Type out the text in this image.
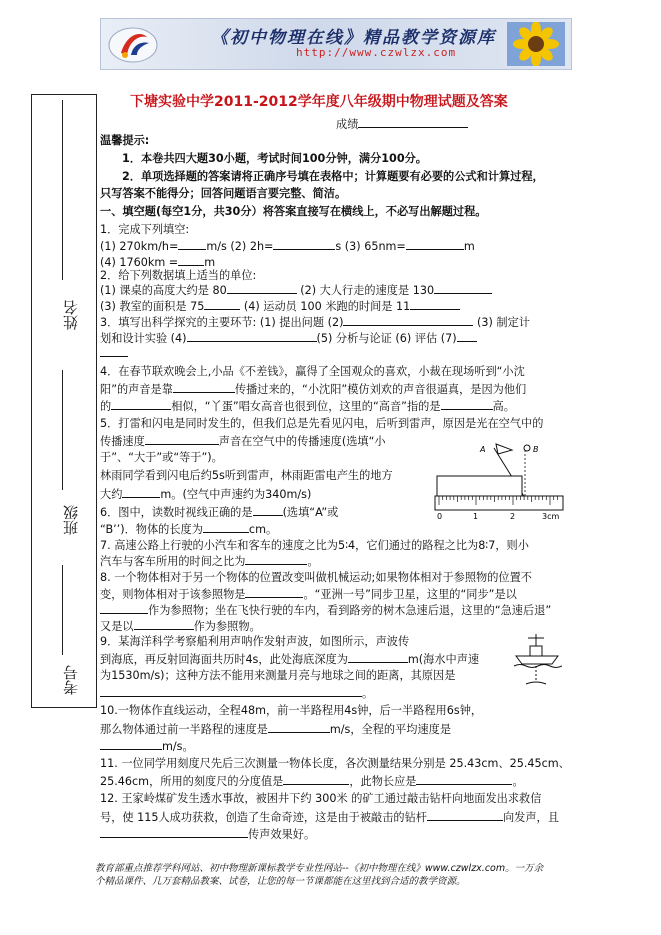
《初中物理在线》精品教学资源库
http://www.czwlzx.com
姓名
班级
考号
下塘实验中学2011-2012学年度八年级期中物理试题及答案
成绩
温馨提示:
1．本卷共四大题30小题，考试时间100分钟，满分100分。
2．单项选择题的答案请将正确序号填在表格中；计算题要有必要的公式和计算过程，
只写答案不能得分；回答问题语言要完整、简洁。
一、填空题(每空1分，共30分）将答案直接写在横线上，不必写出解题过程。
1．完成下列填空:
(1) 270km/h=	m/s (2) 2h=	s (3) 65nm=	m
(4) 1760km = m
2．给下列数据填上适当的单位:
(1) 课桌的高度大约是 80	(2) 大人行走的速度是 130
(3) 教室的面积是 75	(4) 运动员 100 米跑的时间是 11
3．填写出科学探究的主要环节: (1) 提出问题 (2)	(3) 制定计
划和设计实验 (4)	(5) 分析与论证 (6) 评估 (7)
4．在春节联欢晚会上,小品《不差钱》，赢得了全国观众的喜欢，小裁在现场听到“小沈
阳”的声音是靠	传播过来的，“小沈阳”模仿刘欢的声音很逼真，是因为他们
的	相似，“丫蛋”唱女高音也很到位，这里的“高音”指的是	高。
5．打雷和闪电是同时发生的，但我们总是先看见闪电，后听到雷声，原因是光在空气中的
传播速度	声音在空气中的传播速度(选填“小
于”、“大于”或“等于”)。
林雨同学看到闪电后约5s听到雷声，林雨距雷电产生的地方
大约	m。(空气中声速约为340m/s)
A	B
0	1	2	3cm
6．图中，读数时视线正确的是	(选填“A”或
“B’’)．物体的长度为	cm。
7. 高速公路上行驶的小汽车和客车的速度之比为5∶4，它们通过的路程之比为8∶7，则小
汽车与客车所用的时间之比为	。
8. 一个物体相对于另一个物体的位置改变叫做机械运动;如果物体相对于参照物的位置不
变，则物体相对于该参照物是	。“亚洲一号”同步卫星，这里的“同步”是以
作为参照物；坐在飞快行驶的车内，看到路旁的树木急速后退，这里的“急速后退”
又是以	作为参照物。
9．某海洋科学考察船利用声呐作发射声波，如图所示，声波传
到海底，再反射回海面共历时4s，此处海底深度为	m(海水中声速
为1530m/s)；这种方法不能用来测量月亮与地球之间的距离，其原因是
。
10.一物体作直线运动，全程48m，前一半路程用4s钟，后一半路程用6s钟，
那么物体通过前一半路程的速度是	m/s，全程的平均速度是
m/s。
11. 一位同学用刻度尺先后三次测量一物体长度，各次测量结果分别是 25.43cm、25.45cm、
25.46cm，所用的刻度尺的分度值是	，此物长应是	。
12. 王家岭煤矿发生透水事故，被困井下约 300米 的矿工通过敲击钻杆向地面发出求救信
号，使 115人成功获救，创造了生命奇迹，这是由于被敲击的钻杆	向发声，且
传声效果好。
教育部重点推荐学科网站、初中物理新课标教学专业性网站--《初中物理在线》www.czwlzx.com。一万余
个精品课件、几万套精品教案、试卷，让您的每一节课都能在这里找到合适的教学资源。
